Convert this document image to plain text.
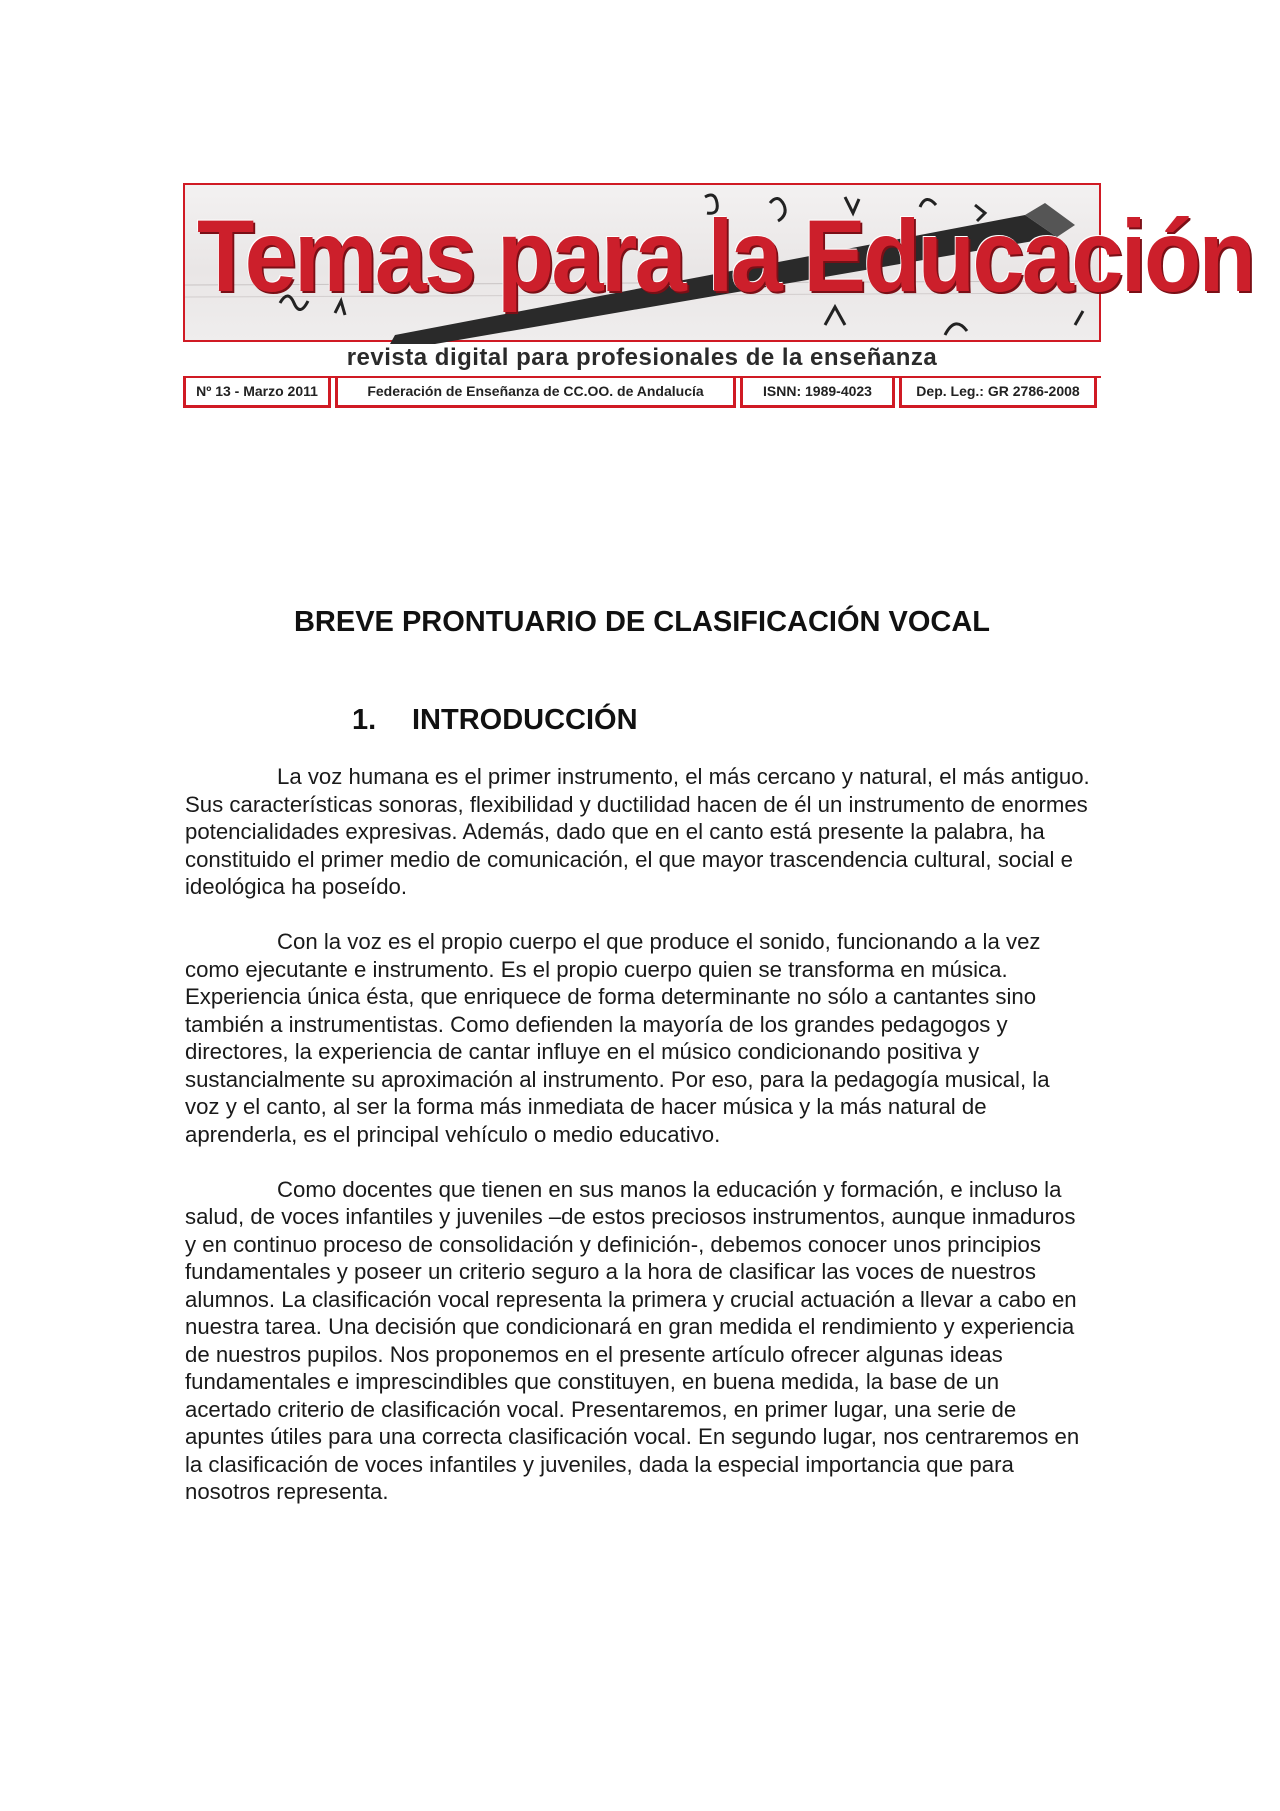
Temas para la Educación
revista digital para profesionales de la enseñanza
Nº 13 - Marzo 2011	Federación de Enseñanza de CC.OO. de Andalucía	ISNN: 1989-4023	Dep. Leg.: GR 2786-2008
BREVE PRONTUARIO DE CLASIFICACIÓN VOCAL
1. INTRODUCCIÓN

La voz humana es el primer instrumento, el más cercano y natural, el más antiguo. Sus características sonoras, flexibilidad y ductilidad hacen de él un instrumento de enormes potencialidades expresivas. Además, dado que en el canto está presente la palabra, ha constituido el primer medio de comunicación, el que mayor trascendencia cultural, social e ideológica ha poseído.

Con la voz es el propio cuerpo el que produce el sonido, funcionando a la vez como ejecutante e instrumento. Es el propio cuerpo quien se transforma en música. Experiencia única ésta, que enriquece de forma determinante no sólo a cantantes sino también a instrumentistas. Como defienden la mayoría de los grandes pedagogos y directores, la experiencia de cantar influye en el músico condicionando positiva y sustancialmente su aproximación al instrumento. Por eso, para la pedagogía musical, la voz y el canto, al ser la forma más inmediata de hacer música y la más natural de aprenderla, es el principal vehículo o medio educativo.

Como docentes que tienen en sus manos la educación y formación, e incluso la salud, de voces infantiles y juveniles –de estos preciosos instrumentos, aunque inmaduros y en continuo proceso de consolidación y definición-, debemos conocer unos principios fundamentales y poseer un criterio seguro a la hora de clasificar las voces de nuestros alumnos. La clasificación vocal representa la primera y crucial actuación a llevar a cabo en nuestra tarea. Una decisión que condicionará en gran medida el rendimiento y experiencia de nuestros pupilos. Nos proponemos en el presente artículo ofrecer algunas ideas fundamentales e imprescindibles que constituyen, en buena medida, la base de un acertado criterio de clasificación vocal. Presentaremos, en primer lugar, una serie de apuntes útiles para una correcta clasificación vocal. En segundo lugar, nos centraremos en la clasificación de voces infantiles y juveniles, dada la especial importancia que para nosotros representa.
